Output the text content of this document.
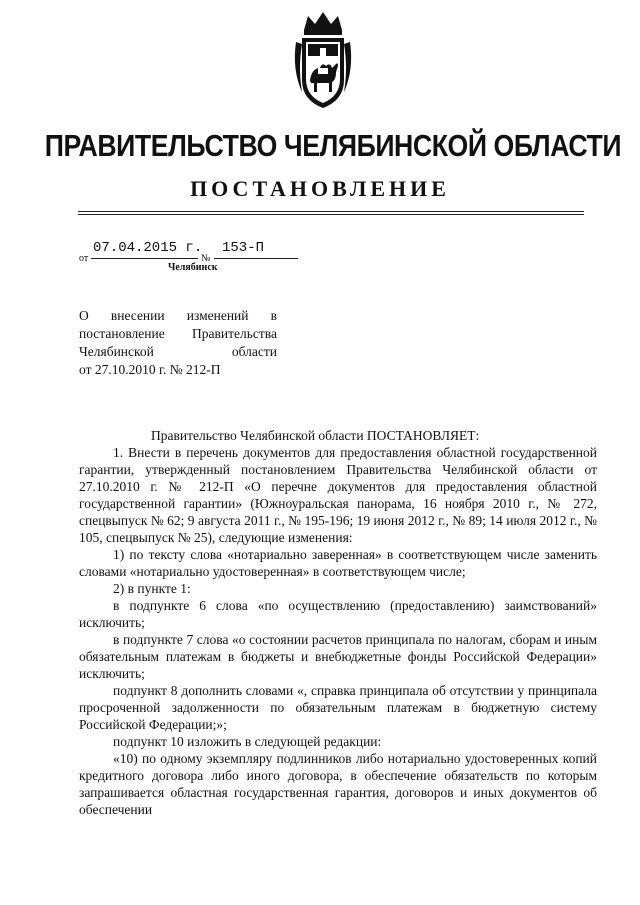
ПРАВИТЕЛЬСТВО ЧЕЛЯБИНСКОЙ ОБЛАСТИ
ПОСТАНОВЛЕНИЕ
от
07.04.2015 г.
№
153-П
Челябинск
О внесении изменений в
постановление Правительства
Челябинской области
от 27.10.2010 г. № 212-П

Правительство Челябинской области ПОСТАНОВЛЯЕТ:

1. Внести в перечень документов для предоставления областной государственной гарантии, утвержденный постановлением Правительства Челябинской области от 27.10.2010 г. № 212-П «О перечне документов для предоставления областной государственной гарантии» (Южноуральская панорама, 16 ноября 2010 г., № 272, спецвыпуск № 62; 9 августа 2011 г., № 195-196; 19 июня 2012 г., № 89; 14 июля 2012 г., № 105, спецвыпуск № 25), следующие изменения:

1) по тексту слова «нотариально заверенная» в соответствующем числе заменить словами «нотариально удостоверенная» в соответствующем числе;

2) в пункте 1:

в подпункте 6 слова «по осуществлению (предоставлению) заимствований» исключить;

в подпункте 7 слова «о состоянии расчетов принципала по налогам, сборам и иным обязательным платежам в бюджеты и внебюджетные фонды Российской Федерации» исключить;

подпункт 8 дополнить словами «, справка принципала об отсутствии у принципала просроченной задолженности по обязательным платежам в бюджетную систему Российской Федерации;»;

подпункт 10 изложить в следующей редакции:

«10) по одному экземпляру подлинников либо нотариально удостоверенных копий кредитного договора либо иного договора, в обеспечение обязательств по которым запрашивается областная государственная гарантия, договоров и иных документов об обеспечении
